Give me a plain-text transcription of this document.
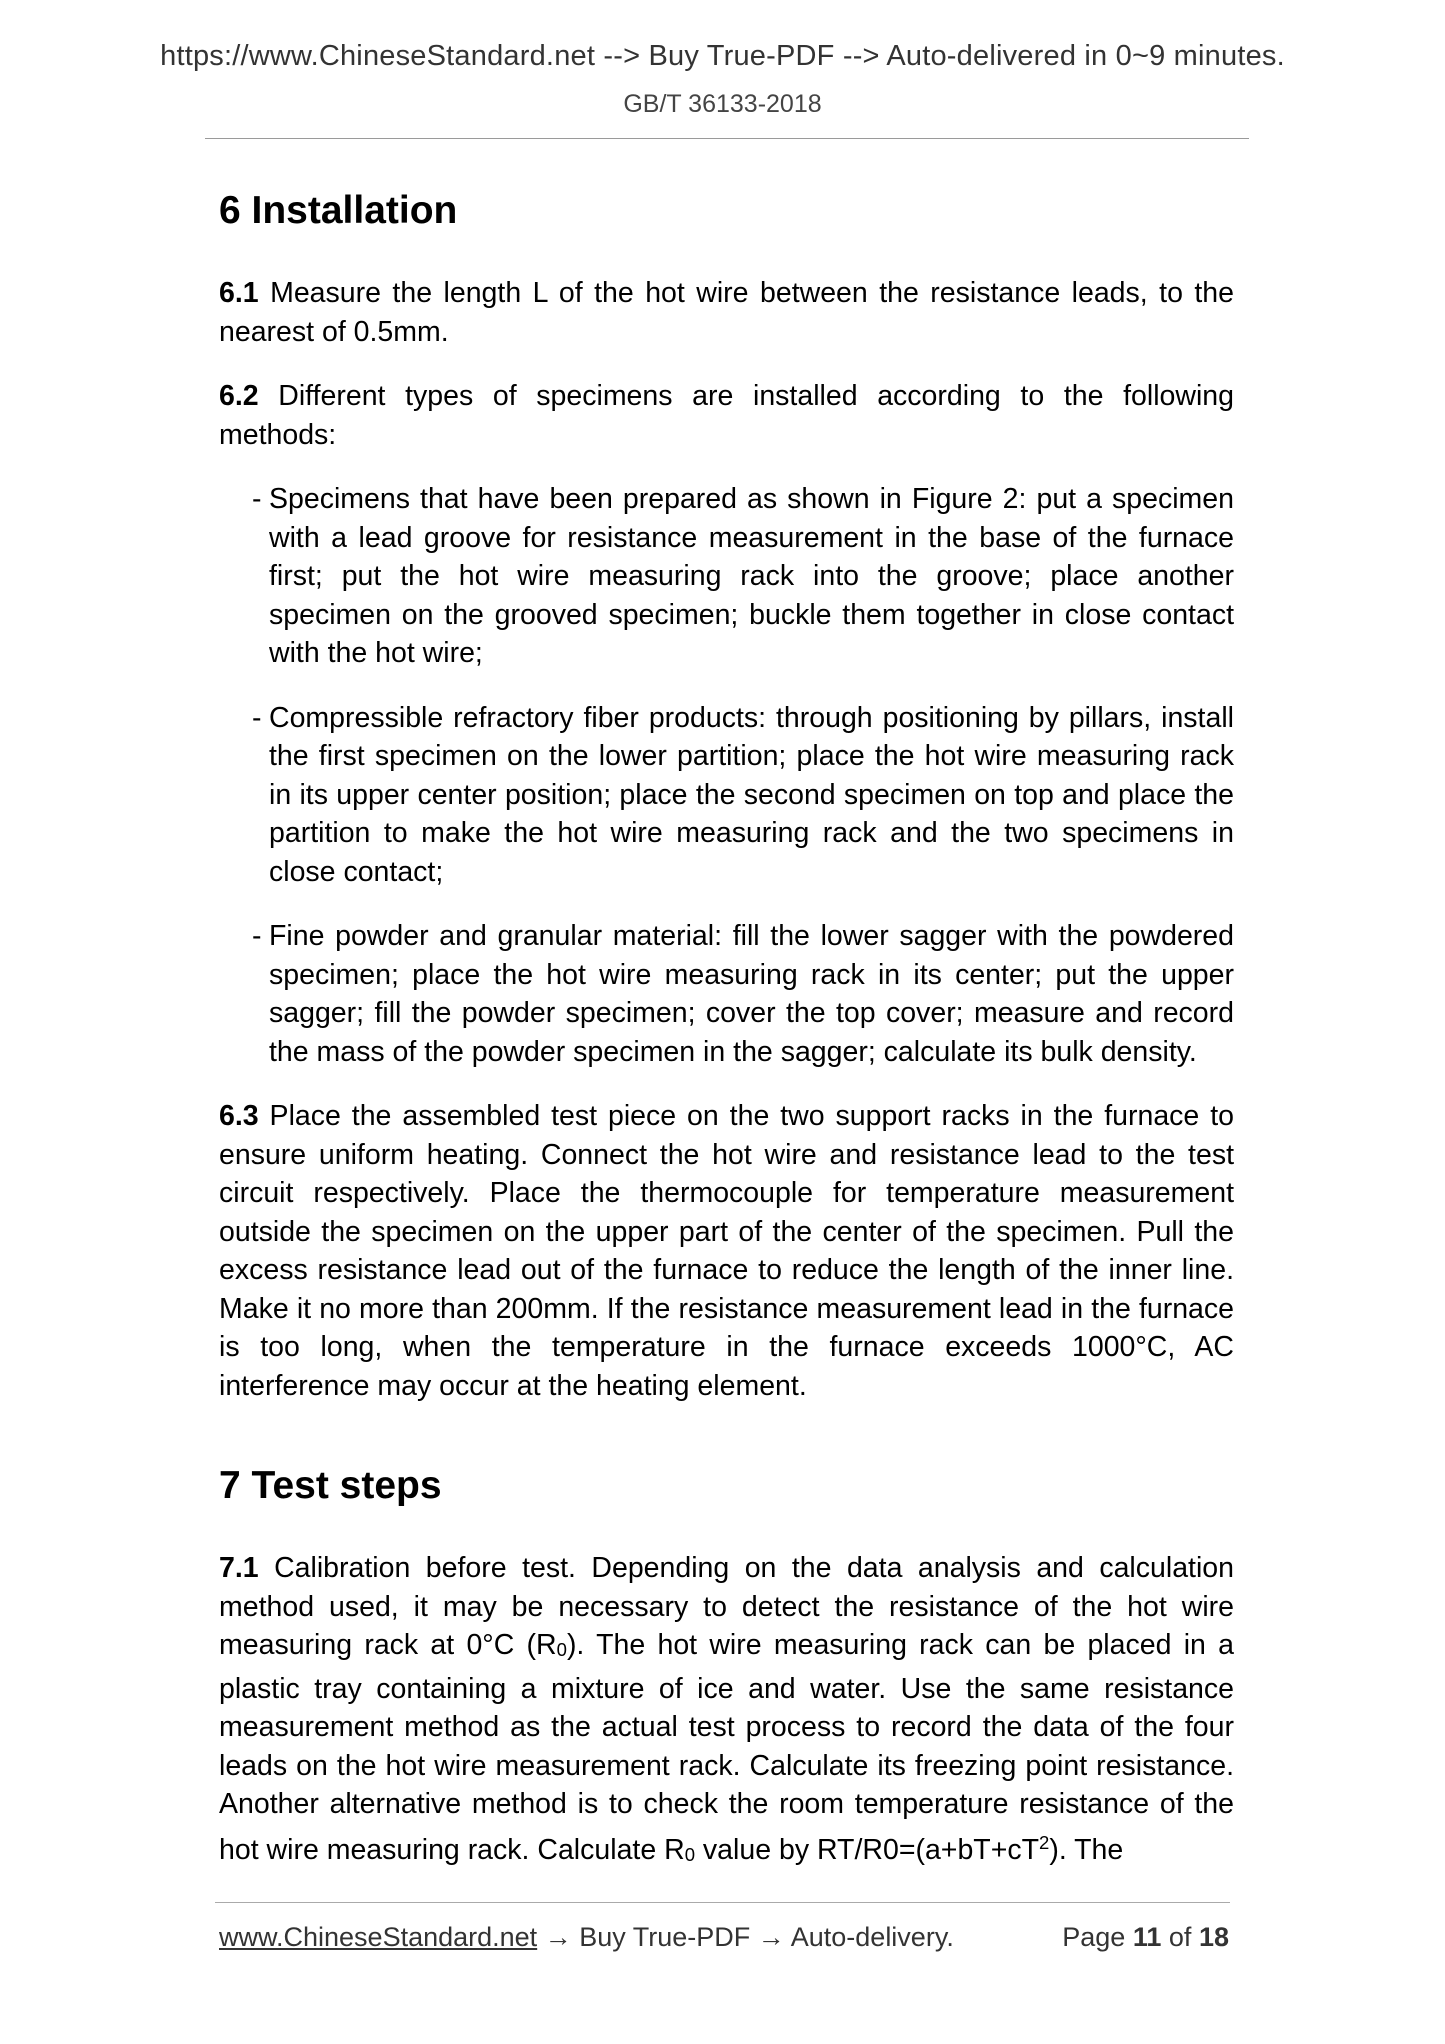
https://www.ChineseStandard.net --> Buy True-PDF --> Auto-delivered in 0~9 minutes.
GB/T 36133-2018
6 Installation

6.1 Measure the length L of the hot wire between the resistance leads, to the nearest of 0.5mm.

6.2 Different types of specimens are installed according to the following methods:

- Specimens that have been prepared as shown in Figure 2: put a specimen with a lead groove for resistance measurement in the base of the furnace first; put the hot wire measuring rack into the groove; place another specimen on the grooved specimen; buckle them together in close contact with the hot wire;
- Compressible refractory fiber products: through positioning by pillars, install the first specimen on the lower partition; place the hot wire measuring rack in its upper center position; place the second specimen on top and place the partition to make the hot wire measuring rack and the two specimens in close contact;
- Fine powder and granular material: fill the lower sagger with the powdered specimen; place the hot wire measuring rack in its center; put the upper sagger; fill the powder specimen; cover the top cover; measure and record the mass of the powder specimen in the sagger; calculate its bulk density.

6.3 Place the assembled test piece on the two support racks in the furnace to ensure uniform heating. Connect the hot wire and resistance lead to the test circuit respectively. Place the thermocouple for temperature measurement outside the specimen on the upper part of the center of the specimen. Pull the excess resistance lead out of the furnace to reduce the length of the inner line. Make it no more than 200mm. If the resistance measurement lead in the furnace is too long, when the temperature in the furnace exceeds 1000°C, AC interference may occur at the heating element.

7 Test steps

7.1 Calibration before test. Depending on the data analysis and calculation method used, it may be necessary to detect the resistance of the hot wire measuring rack at 0°C $(R_0)$. The hot wire measuring rack can be placed in a plastic tray containing a mixture of ice and water. Use the same resistance measurement method as the actual test process to record the data of the four leads on the hot wire measurement rack. Calculate its freezing point resistance. Another alternative method is to check the room temperature resistance of the hot wire measuring rack. Calculate $R_0$ value by $RT/R0=(a+bT+cT^2)$. The

www.ChineseStandard.net → Buy True-PDF → Auto-delivery.	Page 11 of 18
